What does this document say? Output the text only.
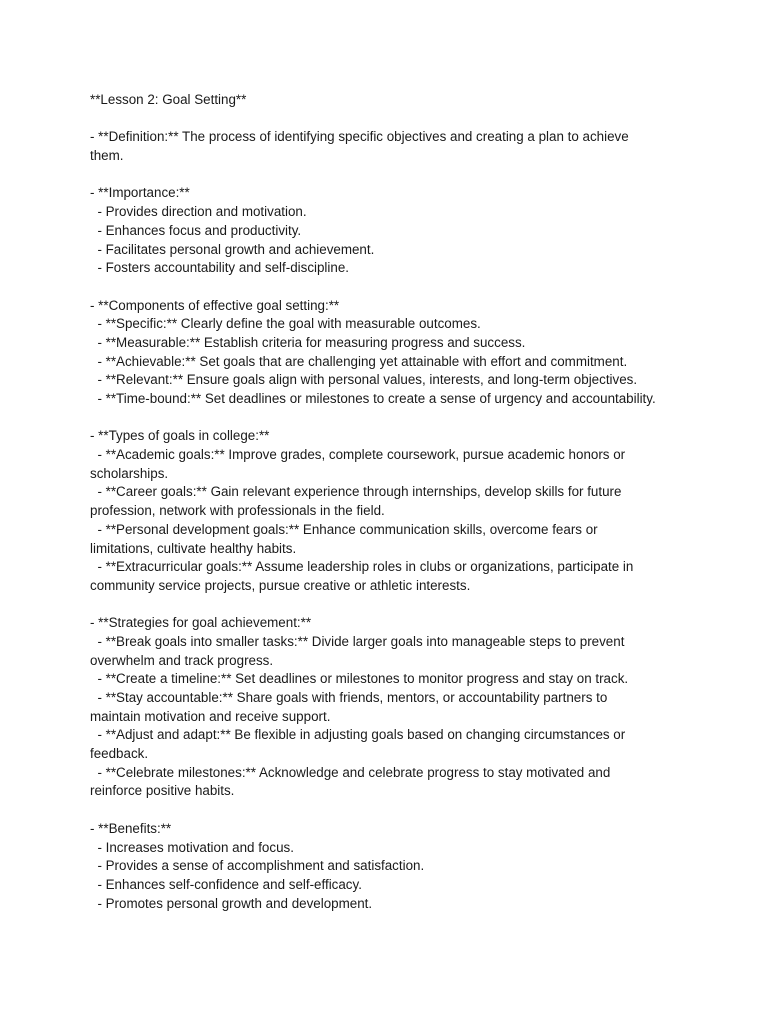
**Lesson 2: Goal Setting**

- **Definition:** The process of identifying specific objectives and creating a plan to achieve

them.

- **Importance:**

- Provides direction and motivation.

- Enhances focus and productivity.

- Facilitates personal growth and achievement.

- Fosters accountability and self-discipline.

- **Components of effective goal setting:**

- **Specific:** Clearly define the goal with measurable outcomes.

- **Measurable:** Establish criteria for measuring progress and success.

- **Achievable:** Set goals that are challenging yet attainable with effort and commitment.

- **Relevant:** Ensure goals align with personal values, interests, and long-term objectives.

- **Time-bound:** Set deadlines or milestones to create a sense of urgency and accountability.

- **Types of goals in college:**

- **Academic goals:** Improve grades, complete coursework, pursue academic honors or

scholarships.

- **Career goals:** Gain relevant experience through internships, develop skills for future

profession, network with professionals in the field.

- **Personal development goals:** Enhance communication skills, overcome fears or

limitations, cultivate healthy habits.

- **Extracurricular goals:** Assume leadership roles in clubs or organizations, participate in

community service projects, pursue creative or athletic interests.

- **Strategies for goal achievement:**

- **Break goals into smaller tasks:** Divide larger goals into manageable steps to prevent

overwhelm and track progress.

- **Create a timeline:** Set deadlines or milestones to monitor progress and stay on track.

- **Stay accountable:** Share goals with friends, mentors, or accountability partners to

maintain motivation and receive support.

- **Adjust and adapt:** Be flexible in adjusting goals based on changing circumstances or

feedback.

- **Celebrate milestones:** Acknowledge and celebrate progress to stay motivated and

reinforce positive habits.

- **Benefits:**

- Increases motivation and focus.

- Provides a sense of accomplishment and satisfaction.

- Enhances self-confidence and self-efficacy.

- Promotes personal growth and development.
